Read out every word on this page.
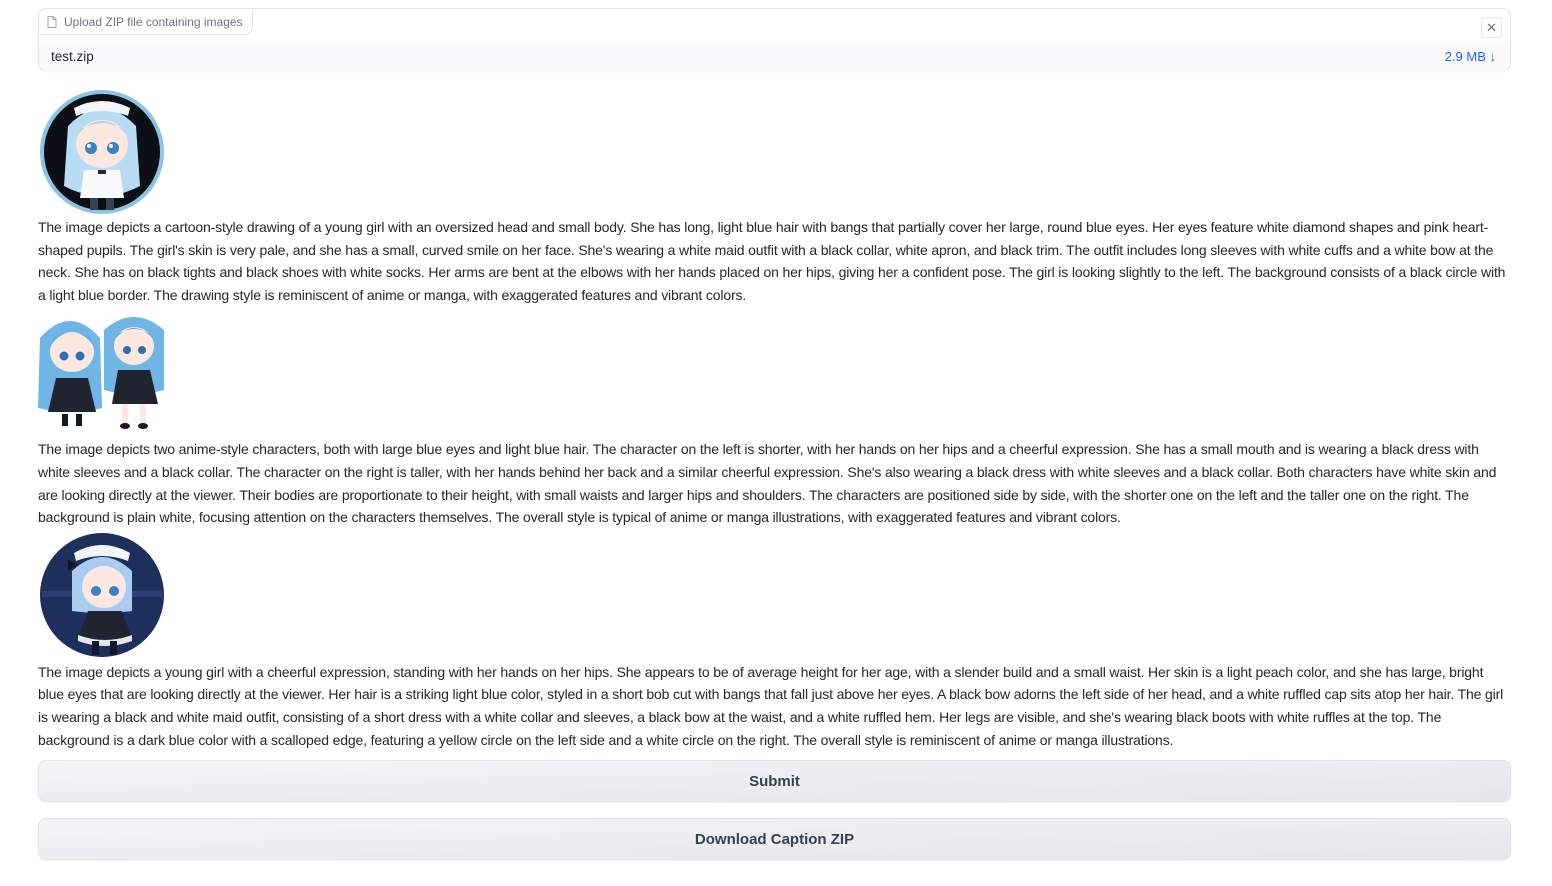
Upload ZIP file containing images	✕
test.zip	2.9 MB ↓

The image depicts a cartoon-style drawing of a young girl with an oversized head and small body. She has long, light blue hair with bangs that partially cover her large, round blue eyes. Her eyes feature white diamond shapes and pink heart-shaped pupils. The girl's skin is very pale, and she has a small, curved smile on her face. She's wearing a white maid outfit with a black collar, white apron, and black trim. The outfit includes long sleeves with white cuffs and a white bow at the neck. She has on black tights and black shoes with white socks. Her arms are bent at the elbows with her hands placed on her hips, giving her a confident pose. The girl is looking slightly to the left. The background consists of a black circle with a light blue border. The drawing style is reminiscent of anime or manga, with exaggerated features and vibrant colors.

The image depicts two anime-style characters, both with large blue eyes and light blue hair. The character on the left is shorter, with her hands on her hips and a cheerful expression. She has a small mouth and is wearing a black dress with white sleeves and a black collar. The character on the right is taller, with her hands behind her back and a similar cheerful expression. She's also wearing a black dress with white sleeves and a black collar. Both characters have white skin and are looking directly at the viewer. Their bodies are proportionate to their height, with small waists and larger hips and shoulders. The characters are positioned side by side, with the shorter one on the left and the taller one on the right. The background is plain white, focusing attention on the characters themselves. The overall style is typical of anime or manga illustrations, with exaggerated features and vibrant colors.

The image depicts a young girl with a cheerful expression, standing with her hands on her hips. She appears to be of average height for her age, with a slender build and a small waist. Her skin is a light peach color, and she has large, bright blue eyes that are looking directly at the viewer. Her hair is a striking light blue color, styled in a short bob cut with bangs that fall just above her eyes. A black bow adorns the left side of her head, and a white ruffled cap sits atop her hair. The girl is wearing a black and white maid outfit, consisting of a short dress with a white collar and sleeves, a black bow at the waist, and a white ruffled hem. Her legs are visible, and she's wearing black boots with white ruffles at the top. The background is a dark blue color with a scalloped edge, featuring a yellow circle on the left side and a white circle on the right. The overall style is reminiscent of anime or manga illustrations.

Submit
Download Caption ZIP
